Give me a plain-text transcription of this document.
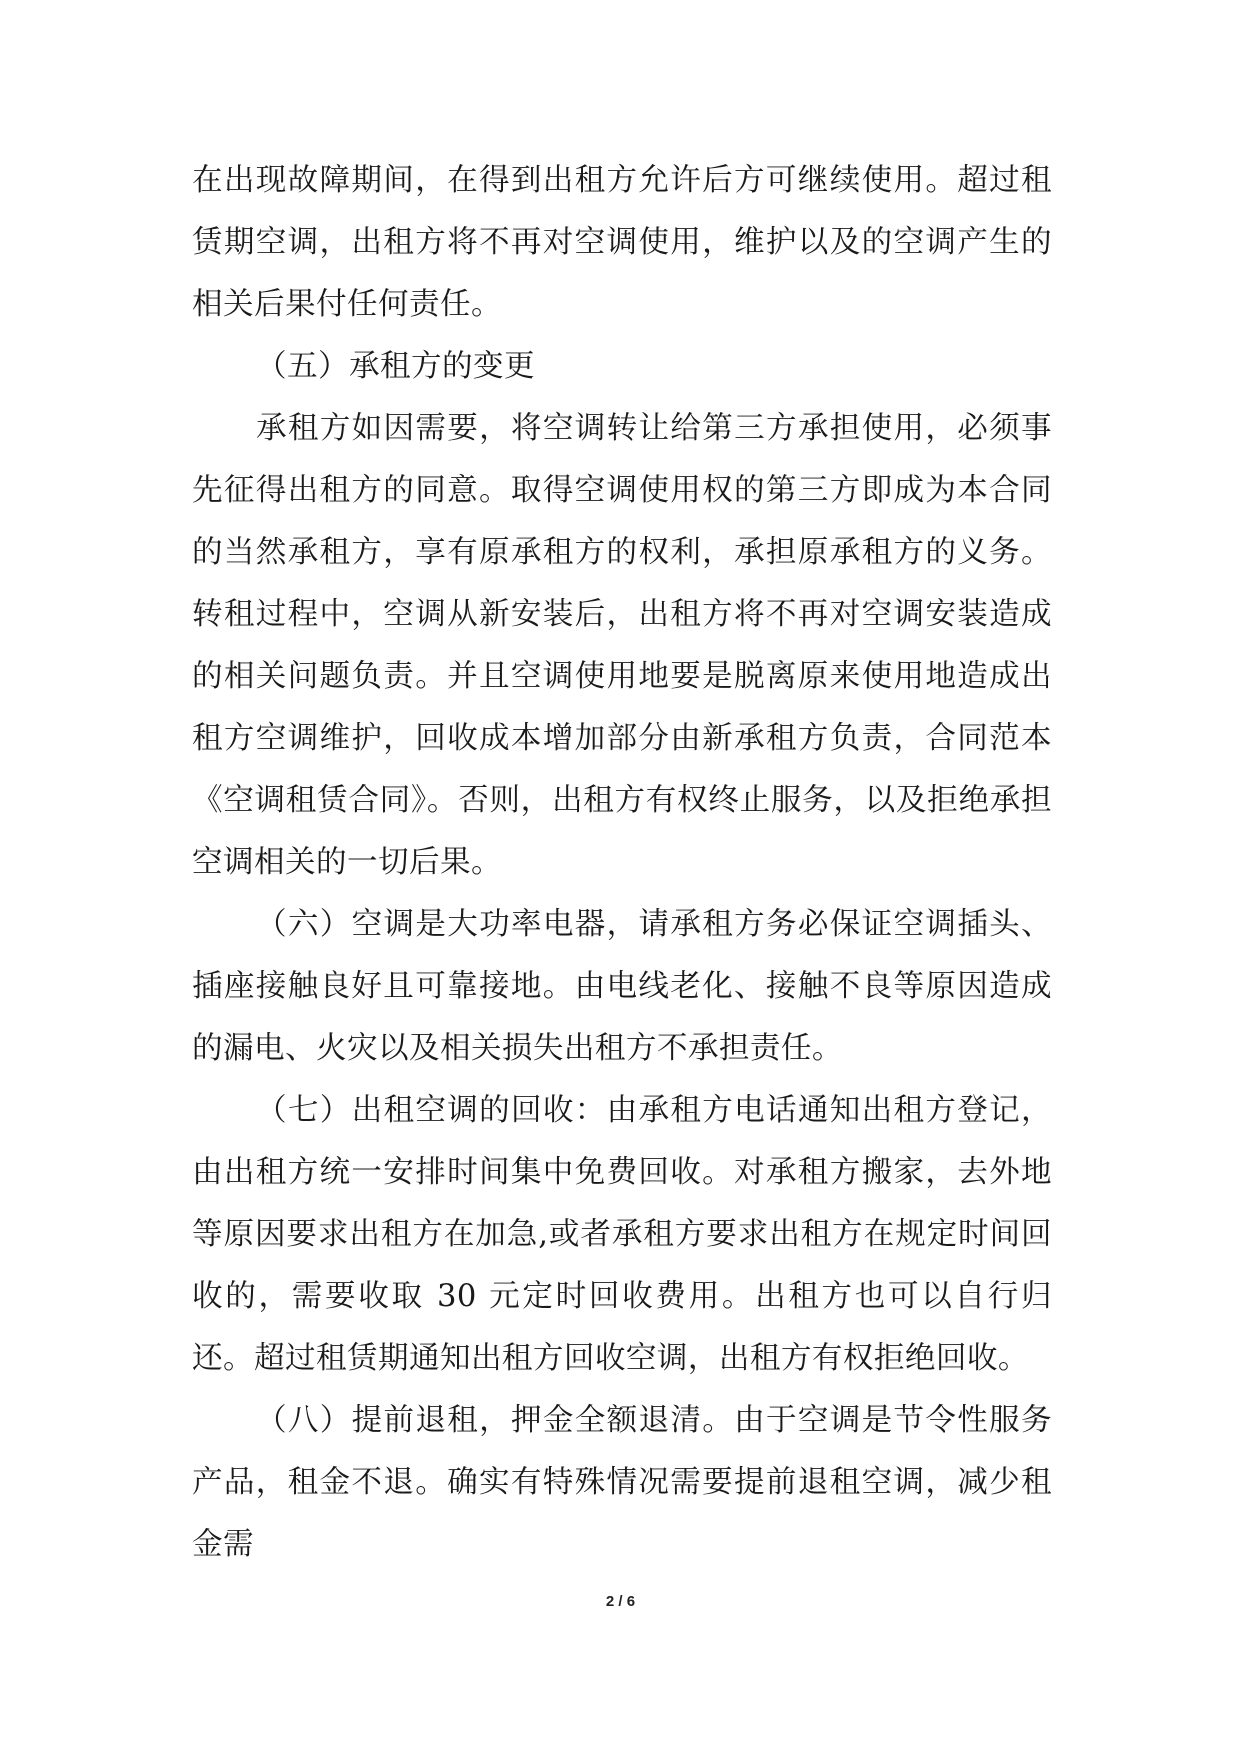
在出现故障期间，在得到出租方允许后方可继续使用。超过租赁期空调，出租方将不再对空调使用，维护以及的空调产生的相关后果付任何责任。

（五）承租方的变更

承租方如因需要，将空调转让给第三方承担使用，必须事先征得出租方的同意。取得空调使用权的第三方即成为本合同的当然承租方，享有原承租方的权利，承担原承租方的义务。转租过程中，空调从新安装后，出租方将不再对空调安装造成的相关问题负责。并且空调使用地要是脱离原来使用地造成出租方空调维护，回收成本增加部分由新承租方负责，合同范本《空调租赁合同》。否则，出租方有权终止服务，以及拒绝承担空调相关的一切后果。

（六）空调是大功率电器，请承租方务必保证空调插头、插座接触良好且可靠接地。由电线老化、接触不良等原因造成的漏电、火灾以及相关损失出租方不承担责任。

（七）出租空调的回收：由承租方电话通知出租方登记，由出租方统一安排时间集中免费回收。对承租方搬家，去外地等原因要求出租方在加急,或者承租方要求出租方在规定时间回收的，需要收取 30 元定时回收费用。出租方也可以自行归还。超过租赁期通知出租方回收空调，出租方有权拒绝回收。

（八）提前退租，押金全额退清。由于空调是节令性服务产品，租金不退。确实有特殊情况需要提前退租空调，减少租金需

2 / 6
